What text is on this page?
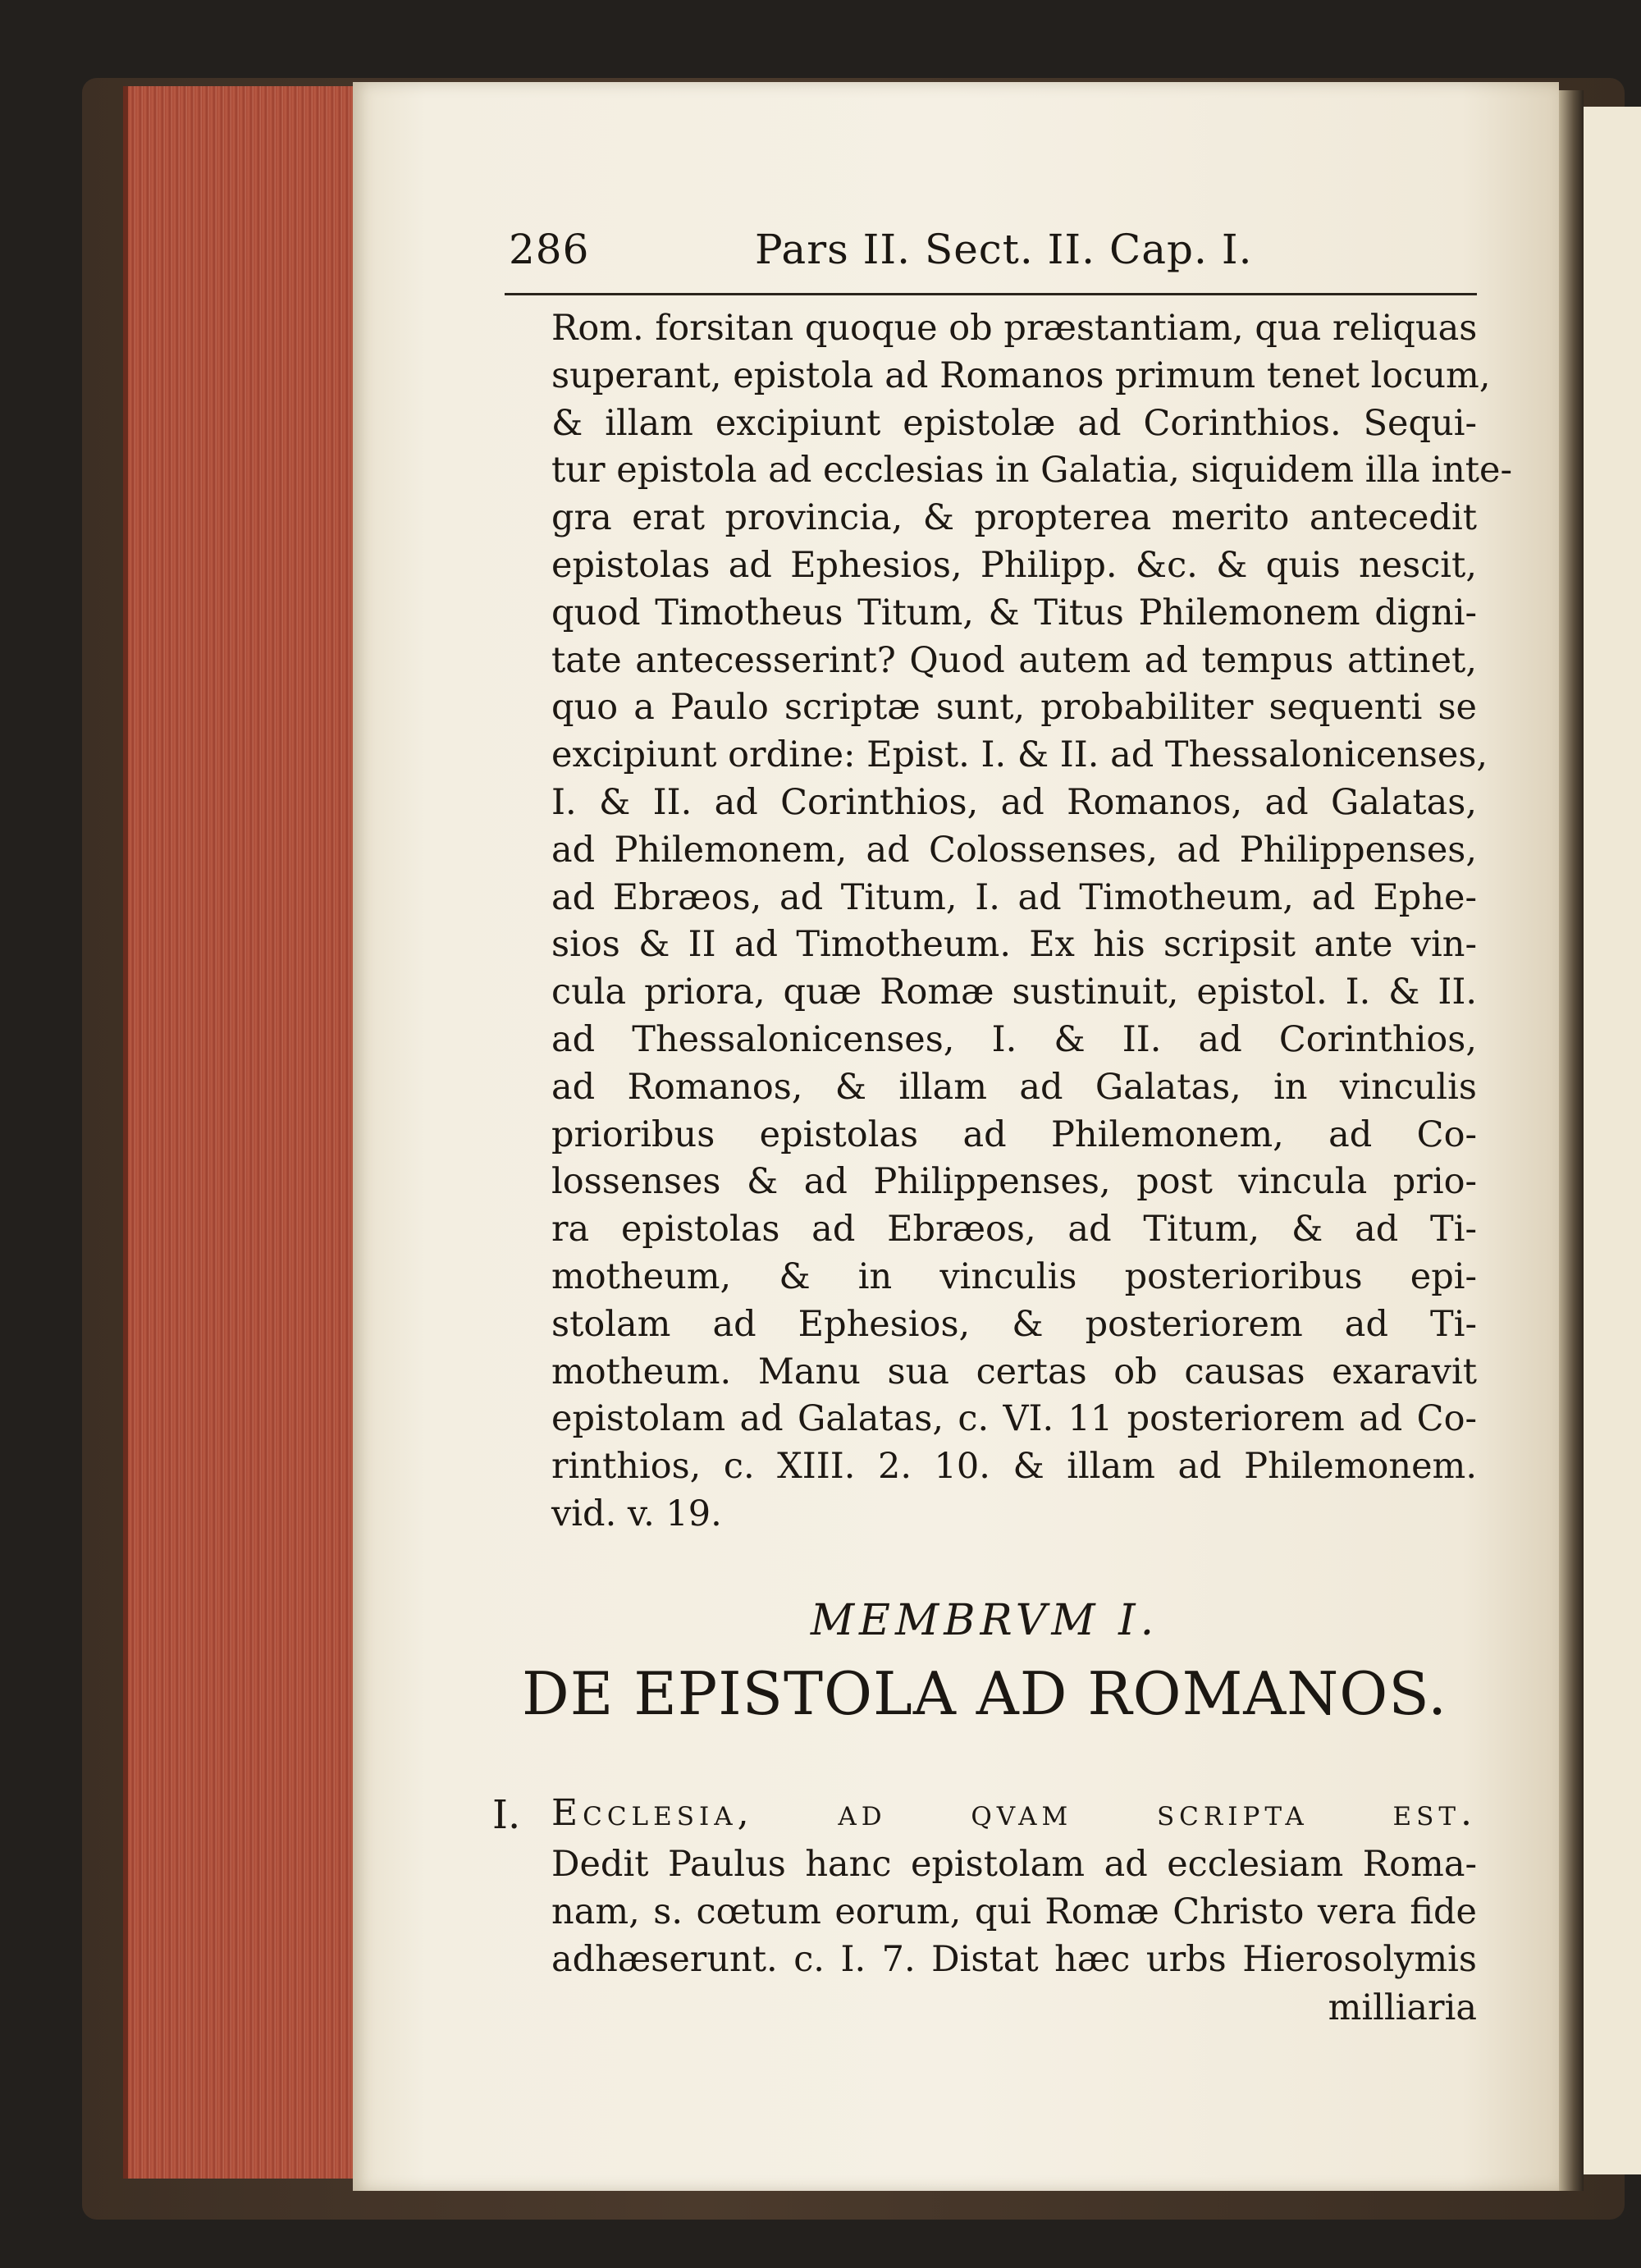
286	Pars II. Sect. II. Cap. I.
Rom. forsitan quoque ob præstantiam, qua reliquas
superant, epistola ad Romanos primum tenet locum,
& illam excipiunt epistolæ ad Corinthios. Sequi-
tur epistola ad ecclesias in Galatia, siquidem illa inte-
gra erat provincia, & propterea merito antecedit
epistolas ad Ephesios, Philipp. &c. & quis nescit,
quod Timotheus Titum, & Titus Philemonem digni-
tate antecesserint? Quod autem ad tempus attinet,
quo a Paulo scriptæ sunt, probabiliter sequenti se
excipiunt ordine: Epist. I. & II. ad Thessalonicenses,
I. & II. ad Corinthios, ad Romanos, ad Galatas,
ad Philemonem, ad Colossenses, ad Philippenses,
ad Ebræos, ad Titum, I. ad Timotheum, ad Ephe-
sios & II ad Timotheum. Ex his scripsit ante vin-
cula priora, quæ Romæ sustinuit, epistol. I. & II.
ad Thessalonicenses, I. & II. ad Corinthios,
ad Romanos, & illam ad Galatas, in vinculis
prioribus epistolas ad Philemonem, ad Co-
lossenses & ad Philippenses, post vincula prio-
ra epistolas ad Ebræos, ad Titum, & ad Ti-
motheum, & in vinculis posterioribus epi-
stolam ad Ephesios, & posteriorem ad Ti-
motheum. Manu sua certas ob causas exaravit
epistolam ad Galatas, c. VI. 11 posteriorem ad Co-
rinthios, c. XIII. 2. 10. & illam ad Philemonem.
vid. v. 19.
MEMBRVM I.
DE EPISTOLA AD ROMANOS.
I. Ecclesia, ad qvam scripta est.
Dedit Paulus hanc epistolam ad ecclesiam Roma-
nam, s. cœtum eorum, qui Romæ Christo vera fide
adhæserunt. c. I. 7. Distat hæc urbs Hierosolymis
milliaria
